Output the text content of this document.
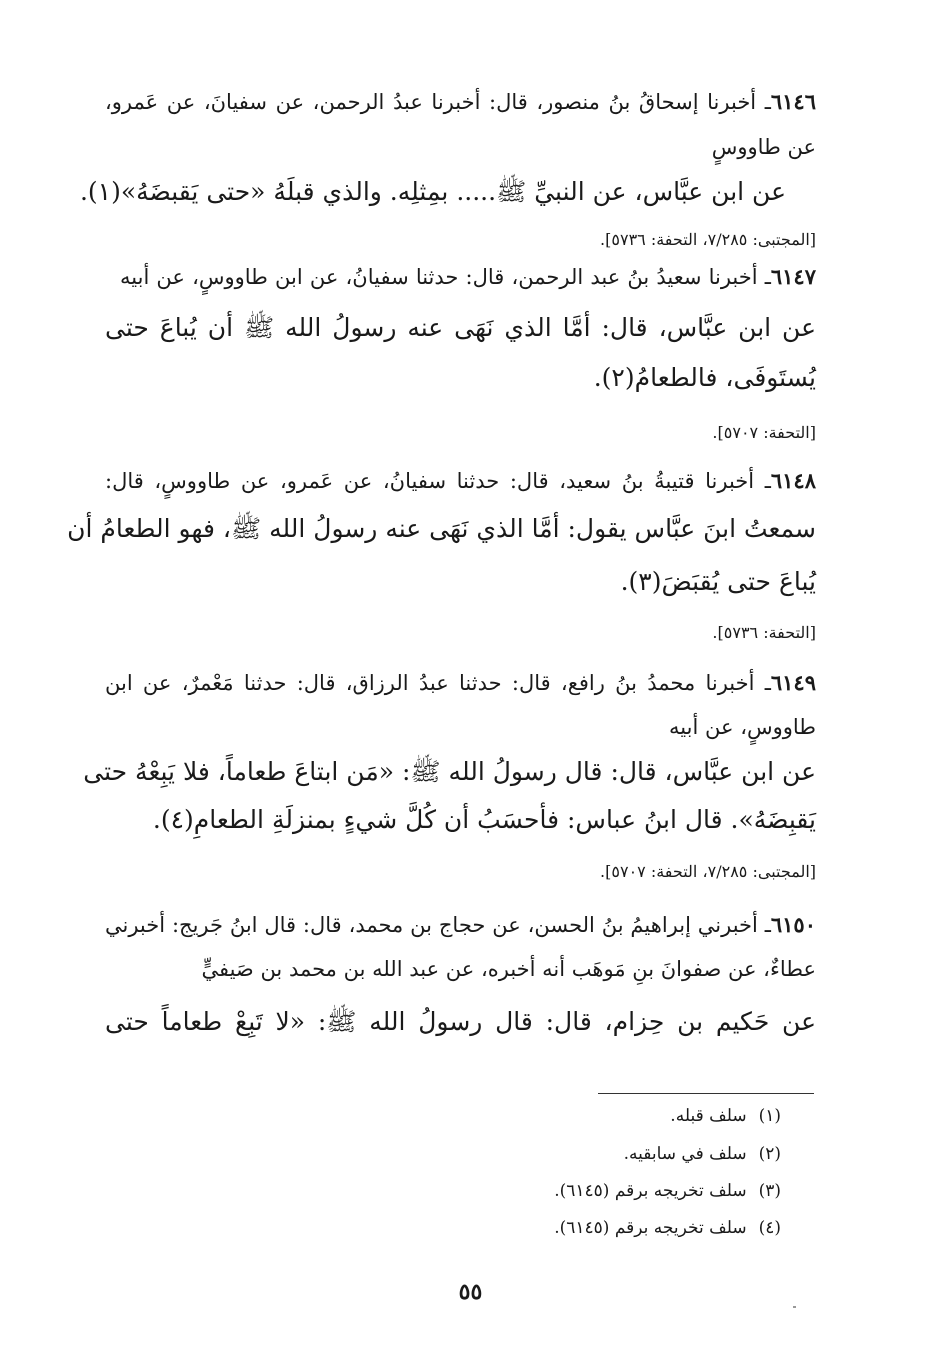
٦١٤٦ـ أخبرنا إسحاقُ بنُ منصور، قال: أخبرنا عبدُ الرحمن، عن سفيانَ، عن عَمرو،
عن طاووسٍ
عن ابن عبَّاس، عن النبيِّ ﷺ..... بمِثلِه. والذي قبلَهُ «حتى يَقبضَهُ»(١).
[المجتبى: ٧/٢٨٥، التحفة: ٥٧٣٦].
٦١٤٧ـ أخبرنا سعيدُ بنُ عبد الرحمن، قال: حدثنا سفيانُ، عن ابن طاووسٍ، عن أبيه
عن ابن عبَّاس، قال: أمَّا الذي نَهَى عنه رسولُ الله ﷺ أن يُباعَ حتى
يُستَوفَى، فالطعامُ(٢).
[التحفة: ٥٧٠٧].
٦١٤٨ـ أخبرنا قتيبةُ بنُ سعيد، قال: حدثنا سفيانُ، عن عَمرو، عن طاووسٍ، قال:
سمعتُ ابنَ عبَّاس يقول: أمَّا الذي نَهَى عنه رسولُ الله ﷺ، فهو الطعامُ أن
يُباعَ حتى يُقبَضَ(٣).
[التحفة: ٥٧٣٦].
٦١٤٩ـ أخبرنا محمدُ بنُ رافع، قال: حدثنا عبدُ الرزاق، قال: حدثنا مَعْمرٌ، عن ابن
طاووسٍ، عن أبيه
عن ابن عبَّاس، قال: قال رسولُ الله ﷺ: «مَن ابتاعَ طعاماً، فلا يَبِعْهُ حتى
يَقبِضَهُ». قال ابنُ عباس: فأحسَبُ أن كُلَّ شيءٍ بمنزلَةِ الطعامِ(٤).
[المجتبى: ٧/٢٨٥، التحفة: ٥٧٠٧].
٦١٥٠ـ أخبرني إبراهيمُ بنُ الحسن، عن حجاج بن محمد، قال: قال ابنُ جَريج: أخبرني
عطاءٌ، عن صفوانَ بنِ مَوهَب أنه أخبره، عن عبد الله بن محمد بن صَيفيٍّ
عن حَكيم بن حِزام، قال: قال رسولُ الله ﷺ: «لا تَبِعْ طعاماً حتى
(١)سلف قبله.
(٢)سلف في سابقيه.
(٣)سلف تخريجه برقم (٦١٤٥).
(٤)سلف تخريجه برقم (٦١٤٥).
٥٥
